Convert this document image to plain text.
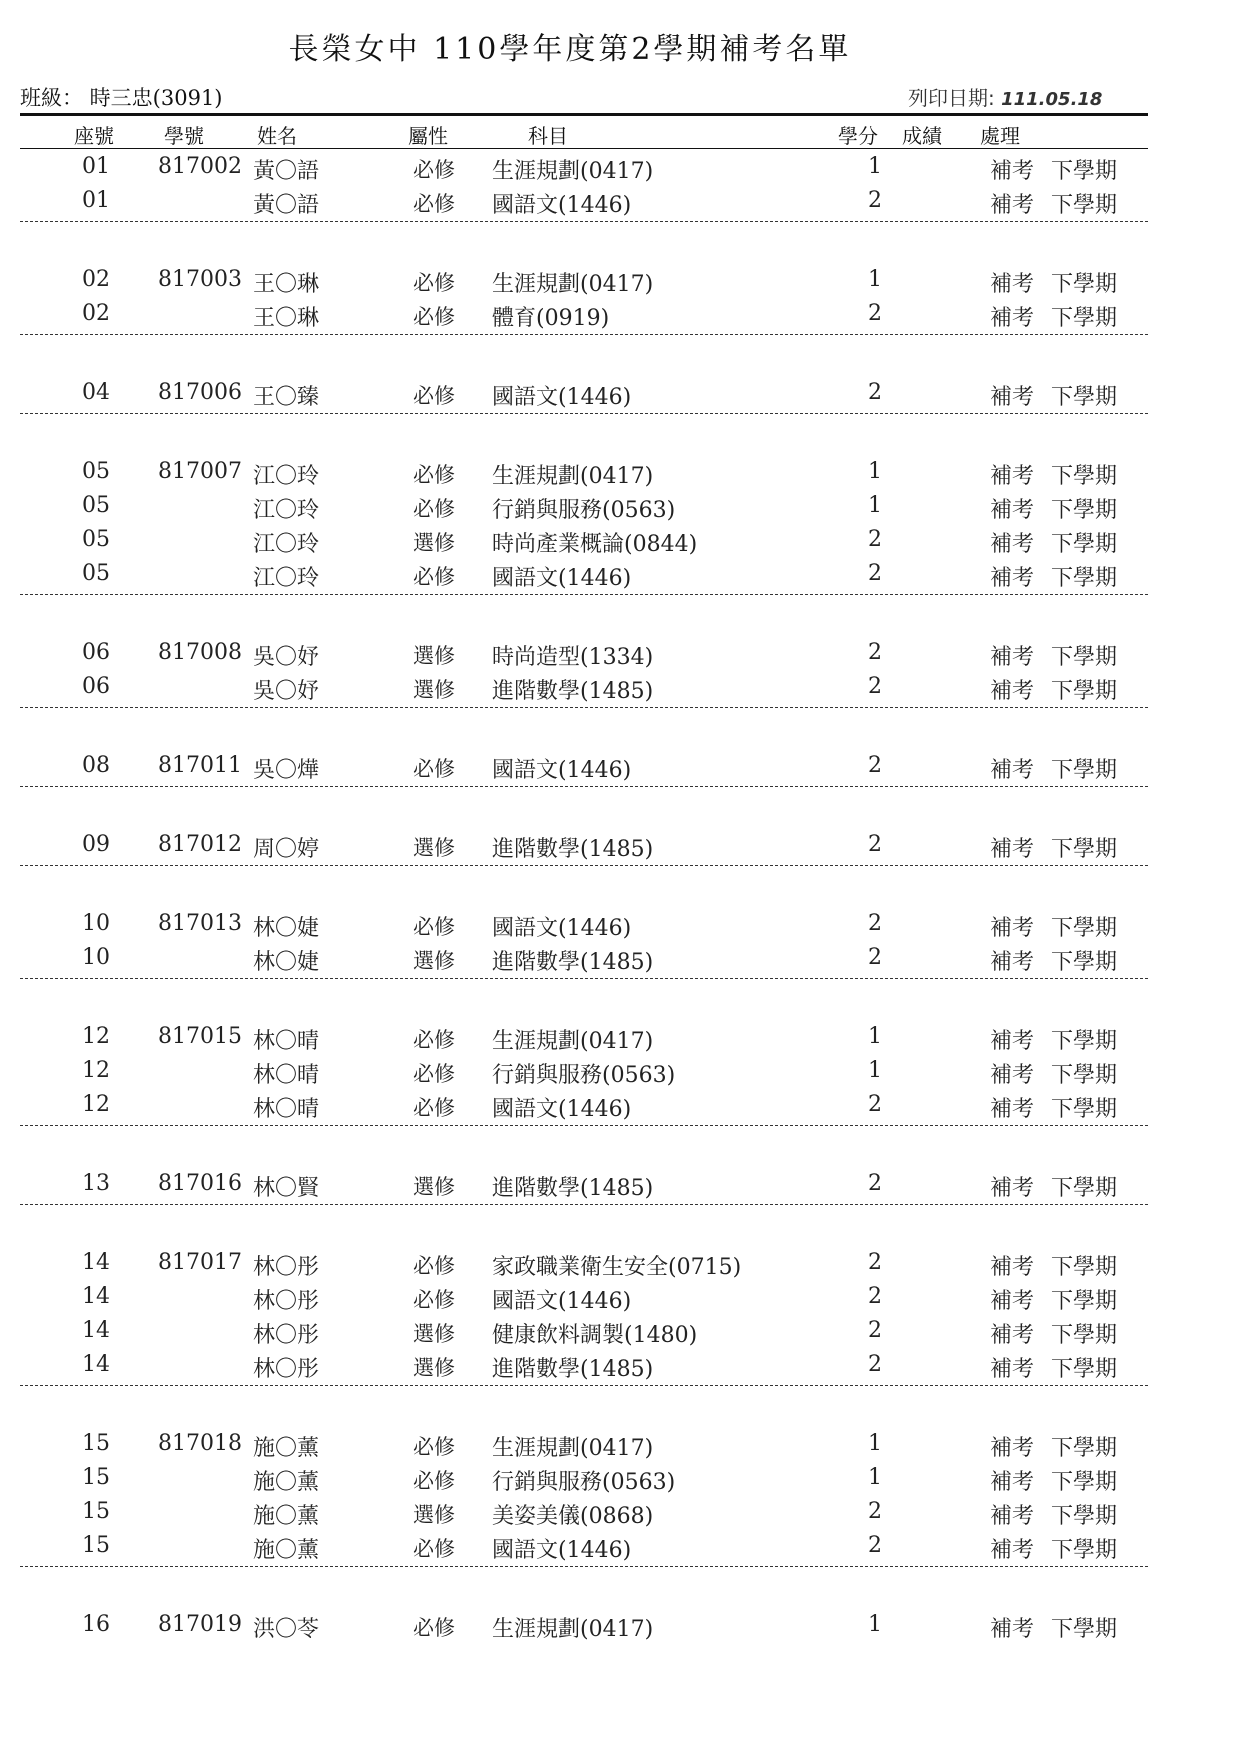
長榮女中 110學年度第2學期補考名單
班級： 時三忠(3091)	列印日期: 111.05.18
座號	學號	姓名	屬性	科目	學分 成績 處理
01 817002 黃〇語	必修 生涯規劃(0417)	1	補考 下學期
01	黃〇語	必修 國語文(1446)	2	補考 下學期
02 817003 王〇琳	必修 生涯規劃(0417)	1	補考 下學期
02	王〇琳	必修 體育(0919)	2	補考 下學期
04 817006 王〇臻	必修 國語文(1446)	2	補考 下學期
05 817007 江〇玲	必修 生涯規劃(0417)	1	補考 下學期
05	江〇玲	必修 行銷與服務(0563)	1	補考 下學期
05	江〇玲	選修 時尚產業概論(0844)	2	補考 下學期
05	江〇玲	必修 國語文(1446)	2	補考 下學期
06 817008 吳〇妤	選修 時尚造型(1334)	2	補考 下學期
06	吳〇妤	選修 進階數學(1485)	2	補考 下學期
08 817011 吳〇燁	必修 國語文(1446)	2	補考 下學期
09 817012 周〇婷	選修 進階數學(1485)	2	補考 下學期
10 817013 林〇婕	必修 國語文(1446)	2	補考 下學期
10	林〇婕	選修 進階數學(1485)	2	補考 下學期
12 817015 林〇晴	必修 生涯規劃(0417)	1	補考 下學期
12	林〇晴	必修 行銷與服務(0563)	1	補考 下學期
12	林〇晴	必修 國語文(1446)	2	補考 下學期
13 817016 林〇賢	選修 進階數學(1485)	2	補考 下學期
14 817017 林〇彤	必修 家政職業衛生安全(0715)	2	補考 下學期
14	林〇彤	必修 國語文(1446)	2	補考 下學期
14	林〇彤	選修 健康飲料調製(1480)	2	補考 下學期
14	林〇彤	選修 進階數學(1485)	2	補考 下學期
15 817018 施〇薰	必修 生涯規劃(0417)	1	補考 下學期
15	施〇薰	必修 行銷與服務(0563)	1	補考 下學期
15	施〇薰	選修 美姿美儀(0868)	2	補考 下學期
15	施〇薰	必修 國語文(1446)	2	補考 下學期
16 817019 洪〇苓	必修 生涯規劃(0417)	1	補考 下學期
